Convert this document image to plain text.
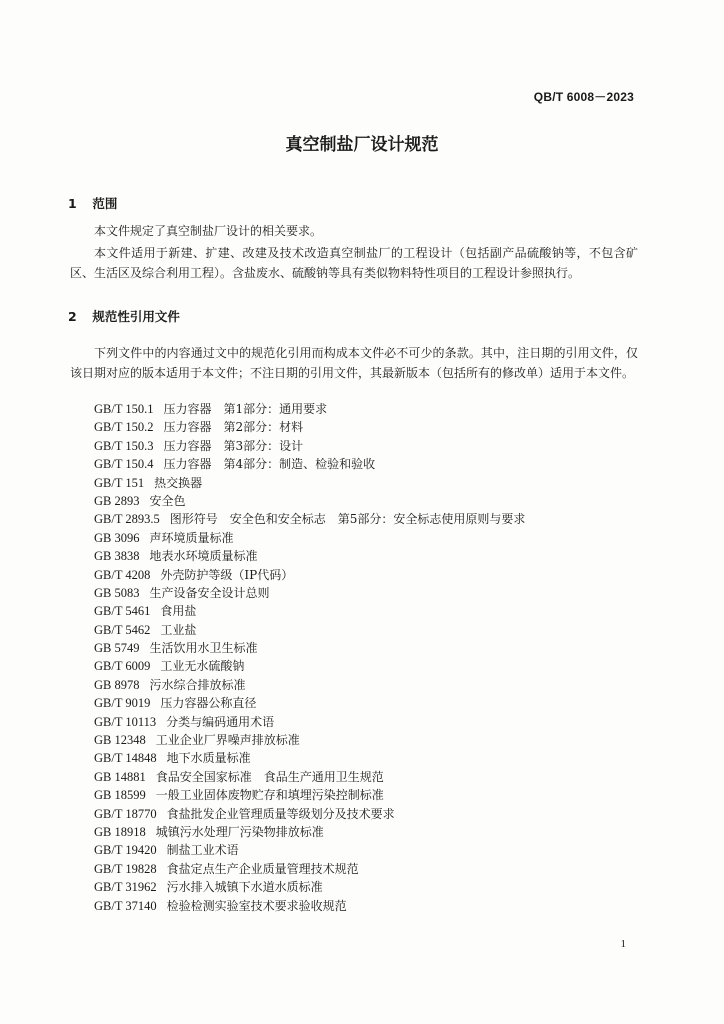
QB/T 6008－2023
真空制盐厂设计规范
1 范围

本文件规定了真空制盐厂设计的相关要求。

本文件适用于新建、扩建、改建及技术改造真空制盐厂的工程设计（包括副产品硫酸钠等，不包含矿区、生活区及综合利用工程）。含盐废水、硫酸钠等具有类似物料特性项目的工程设计参照执行。

2 规范性引用文件

下列文件中的内容通过文中的规范化引用而构成本文件必不可少的条款。其中，注日期的引用文件，仅该日期对应的版本适用于本文件；不注日期的引用文件，其最新版本（包括所有的修改单）适用于本文件。

GB/T 150.1 压力容器　第1部分：通用要求
GB/T 150.2 压力容器　第2部分：材料
GB/T 150.3 压力容器　第3部分：设计
GB/T 150.4 压力容器　第4部分：制造、检验和验收
GB/T 151 热交换器
GB 2893 安全色
GB/T 2893.5 图形符号　安全色和安全标志　第5部分：安全标志使用原则与要求
GB 3096 声环境质量标准
GB 3838 地表水环境质量标准
GB/T 4208 外壳防护等级（IP代码）
GB 5083 生产设备安全设计总则
GB/T 5461 食用盐
GB/T 5462 工业盐
GB 5749 生活饮用水卫生标准
GB/T 6009 工业无水硫酸钠
GB 8978 污水综合排放标准
GB/T 9019 压力容器公称直径
GB/T 10113 分类与编码通用术语
GB 12348 工业企业厂界噪声排放标准
GB/T 14848 地下水质量标准
GB 14881 食品安全国家标准　食品生产通用卫生规范
GB 18599 一般工业固体废物贮存和填埋污染控制标准
GB/T 18770 食盐批发企业管理质量等级划分及技术要求
GB 18918 城镇污水处理厂污染物排放标准
GB/T 19420 制盐工业术语
GB/T 19828 食盐定点生产企业质量管理技术规范
GB/T 31962 污水排入城镇下水道水质标准
GB/T 37140 检验检测实验室技术要求验收规范
1
